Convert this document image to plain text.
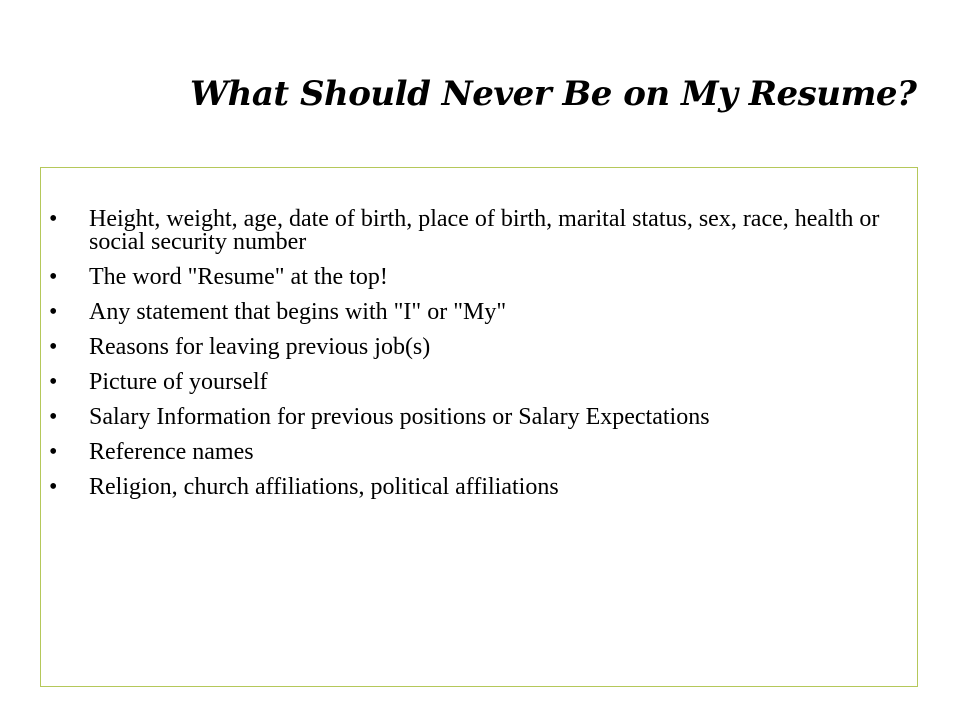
What Should Never Be on My Resume?
•
Height, weight, age, date of birth, place of birth, marital status, sex, race, health or social security number
•
The word "Resume" at the top!
•
Any statement that begins with "I" or "My"
•
Reasons for leaving previous job(s)
•
Picture of yourself
•
Salary Information for previous positions or Salary Expectations
•
Reference names
•
Religion, church affiliations, political affiliations
